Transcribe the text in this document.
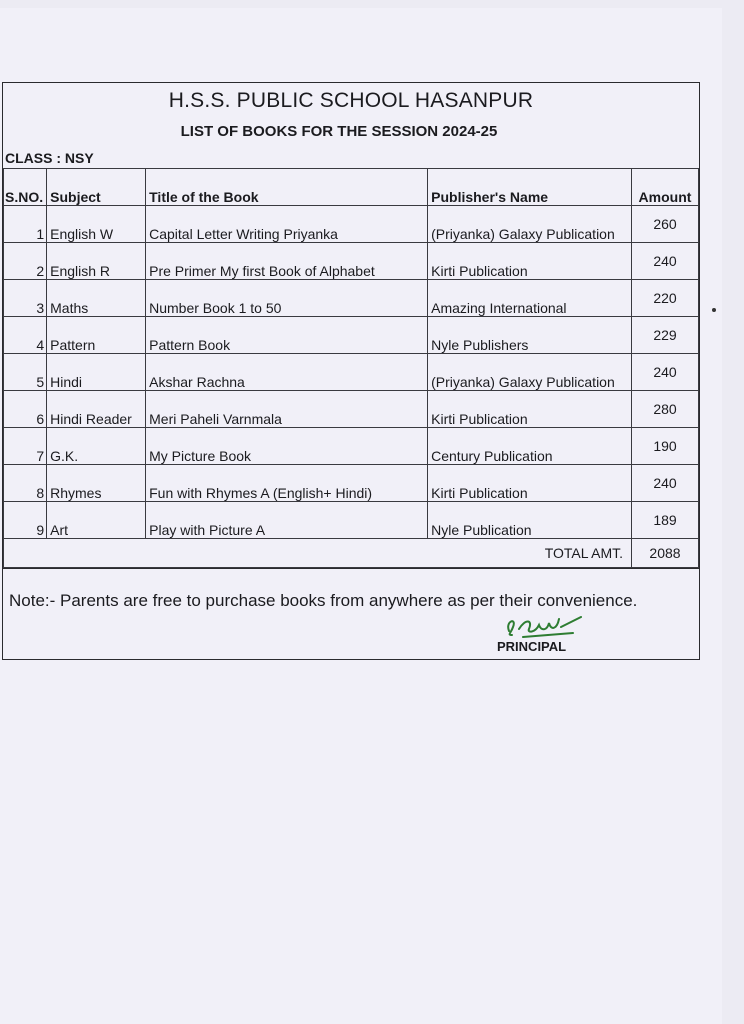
H.S.S. PUBLIC SCHOOL HASANPUR
LIST OF BOOKS FOR THE SESSION 2024-25
CLASS : NSY
S.NO.	Subject	Title of the Book	Publisher's Name	Amount
1	English W	Capital Letter Writing Priyanka	(Priyanka) Galaxy Publication	260
2	English R	Pre Primer My first Book of Alphabet	Kirti Publication	240
3	Maths	Number Book 1 to 50	Amazing International	220
4	Pattern	Pattern Book	Nyle Publishers	229
5	Hindi	Akshar Rachna	(Priyanka) Galaxy Publication	240
6	Hindi Reader	Meri Paheli Varnmala	Kirti Publication	280
7	G.K.	My Picture Book	Century Publication	190
8	Rhymes	Fun with Rhymes A (English+ Hindi)	Kirti Publication	240
9	Art	Play with Picture A	Nyle Publication	189
TOTAL AMT.				2088
Note:- Parents are free to purchase books from anywhere as per their convenience.
PRINCIPAL
